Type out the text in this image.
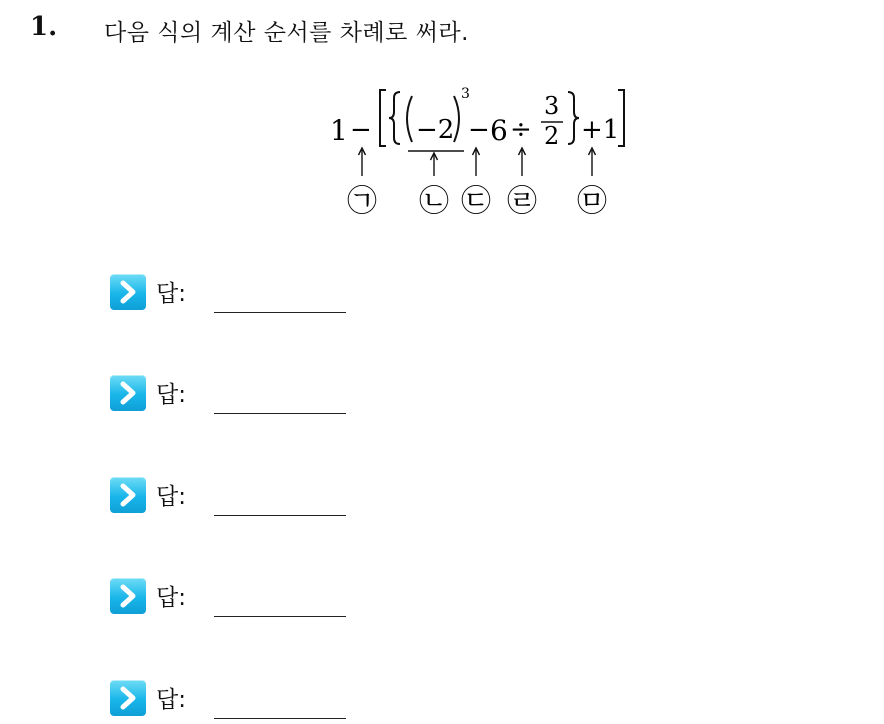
1. 다음 식의 계산 순서를 차례로 써라.
1 − −2
3
− 6 ÷
3
2 +1
㉠ ㉡ ㉢ ㉣ ㉤
답:
답:
답:
답:
답:
